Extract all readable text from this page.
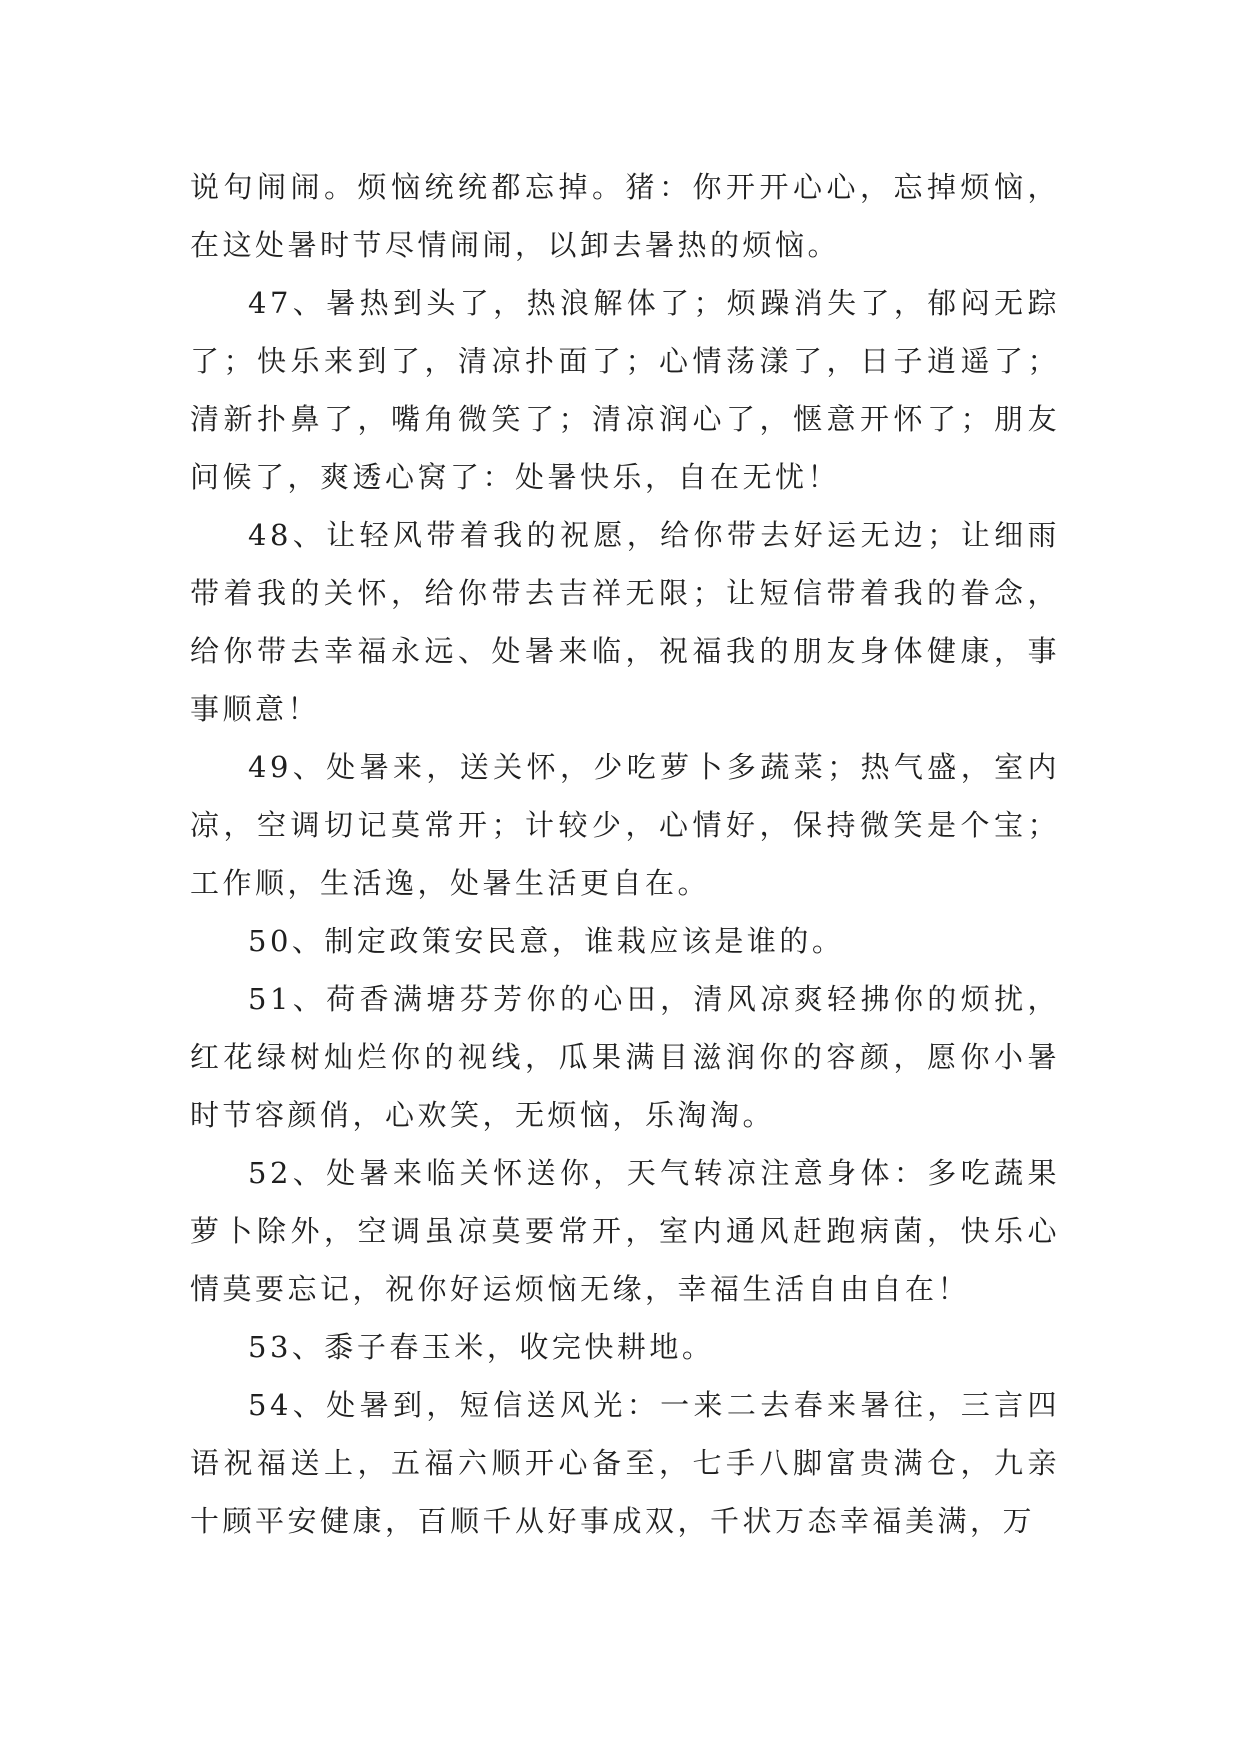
说句闹闹。烦恼统统都忘掉。猪：你开开心心，忘掉烦恼，在这处暑时节尽情闹闹，以卸去暑热的烦恼。

47、暑热到头了，热浪解体了；烦躁消失了，郁闷无踪了；快乐来到了，清凉扑面了；心情荡漾了，日子逍遥了；清新扑鼻了，嘴角微笑了；清凉润心了，惬意开怀了；朋友问候了，爽透心窝了：处暑快乐，自在无忧！

48、让轻风带着我的祝愿，给你带去好运无边；让细雨带着我的关怀，给你带去吉祥无限；让短信带着我的眷念，给你带去幸福永远、处暑来临，祝福我的朋友身体健康，事事顺意！

49、处暑来，送关怀，少吃萝卜多蔬菜；热气盛，室内凉，空调切记莫常开；计较少，心情好，保持微笑是个宝；工作顺，生活逸，处暑生活更自在。

50、制定政策安民意，谁栽应该是谁的。

51、荷香满塘芬芳你的心田，清风凉爽轻拂你的烦扰，红花绿树灿烂你的视线，瓜果满目滋润你的容颜，愿你小暑时节容颜俏，心欢笑，无烦恼，乐淘淘。

52、处暑来临关怀送你，天气转凉注意身体：多吃蔬果萝卜除外，空调虽凉莫要常开，室内通风赶跑病菌，快乐心情莫要忘记，祝你好运烦恼无缘，幸福生活自由自在！

53、黍子春玉米，收完快耕地。

54、处暑到，短信送风光：一来二去春来暑往，三言四语祝福送上，五福六顺开心备至，七手八脚富贵满仓，九亲十顾平安健康，百顺千从好事成双，千状万态幸福美满，万
